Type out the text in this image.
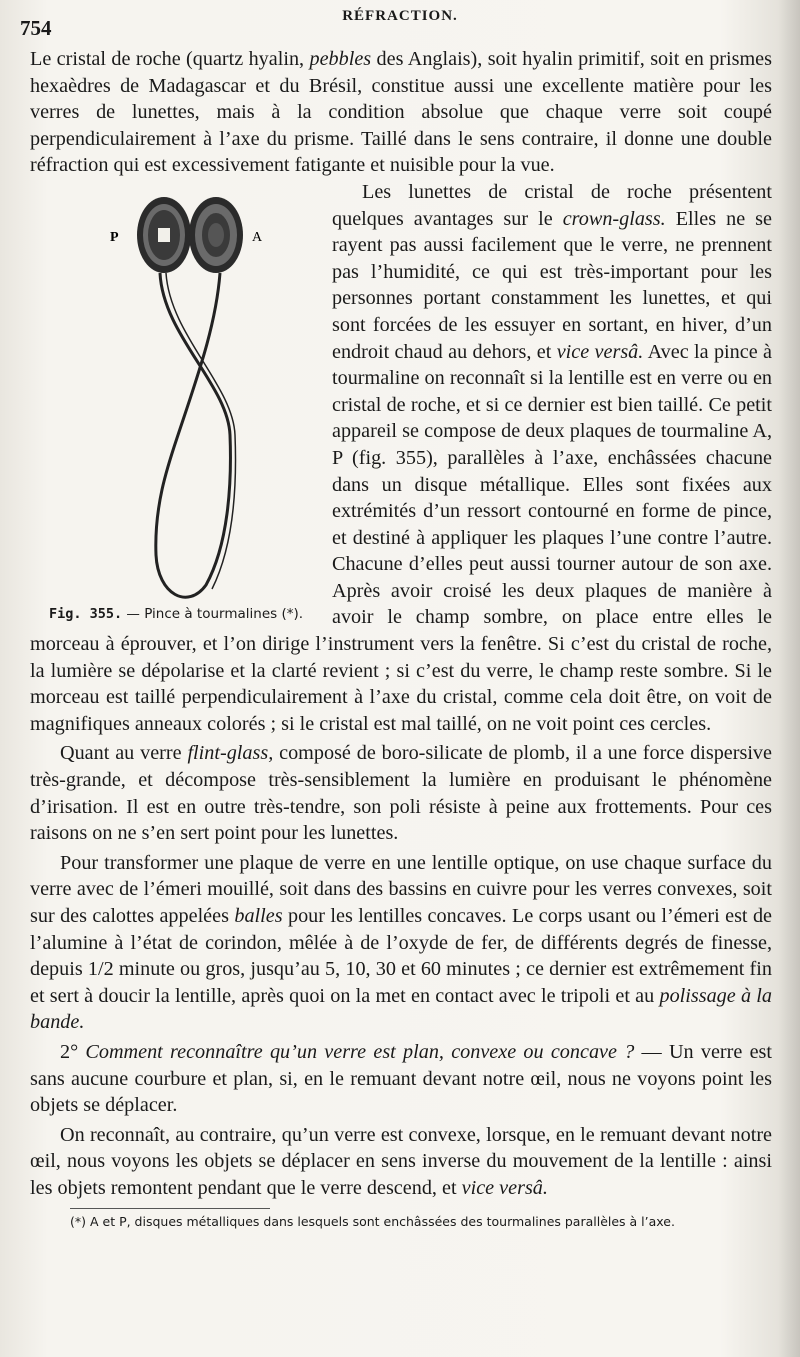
754	RÉFRACTION.

Le cristal de roche (quartz hyalin, pebbles des Anglais), soit hyalin primitif, soit en prismes hexaèdres de Madagascar et du Brésil, constitue aussi une excellente matière pour les verres de lunettes, mais à la condition absolue que chaque verre soit coupé perpendiculairement à l’axe du prisme. Taillé dans le sens contraire, il donne une double réfraction qui est excessivement fatigante et nuisible pour la vue.

P	A
Fig. 355. — Pince à tourmalines (*).

Les lunettes de cristal de roche présentent quelques avantages sur le crown-glass. Elles ne se rayent pas aussi facilement que le verre, ne prennent pas l’humidité, ce qui est très-important pour les personnes portant constamment les lunettes, et qui sont forcées de les essuyer en sortant, en hiver, d’un endroit chaud au dehors, et vice versâ. Avec la pince à tourmaline on reconnaît si la lentille est en verre ou en cristal de roche, et si ce dernier est bien taillé. Ce petit appareil se compose de deux plaques de tourmaline A, P (fig. 355), parallèles à l’axe, enchâssées chacune dans un disque métallique. Elles sont fixées aux extrémités d’un ressort contourné en forme de pince, et destiné à appliquer les plaques l’une contre l’autre. Chacune d’elles peut aussi tourner autour de son axe. Après avoir croisé les deux plaques de manière à avoir le champ sombre, on place entre elles le morceau à éprouver, et l’on dirige l’instrument vers la fenêtre. Si c’est du cristal de roche, la lumière se dépolarise et la clarté revient ; si c’est du verre, le champ reste sombre. Si le morceau est taillé perpendiculairement à l’axe du cristal, comme cela doit être, on voit de magnifiques anneaux colorés ; si le cristal est mal taillé, on ne voit point ces cercles.

Quant au verre flint-glass, composé de boro-silicate de plomb, il a une force dispersive très-grande, et décompose très-sensiblement la lumière en produisant le phénomène d’irisation. Il est en outre très-tendre, son poli résiste à peine aux frottements. Pour ces raisons on ne s’en sert point pour les lunettes.

Pour transformer une plaque de verre en une lentille optique, on use chaque surface du verre avec de l’émeri mouillé, soit dans des bassins en cuivre pour les verres convexes, soit sur des calottes appelées balles pour les lentilles concaves. Le corps usant ou l’émeri est de l’alumine à l’état de corindon, mêlée à de l’oxyde de fer, de différents degrés de finesse, depuis 1/2 minute ou gros, jusqu’au 5, 10, 30 et 60 minutes ; ce dernier est extrêmement fin et sert à doucir la lentille, après quoi on la met en contact avec le tripoli et au polissage à la bande.

2° Comment reconnaître qu’un verre est plan, convexe ou concave ? — Un verre est sans aucune courbure et plan, si, en le remuant devant notre œil, nous ne voyons point les objets se déplacer.

On reconnaît, au contraire, qu’un verre est convexe, lorsque, en le remuant devant notre œil, nous voyons les objets se déplacer en sens inverse du mouvement de la lentille : ainsi les objets remontent pendant que le verre descend, et vice versâ.

(*) A et P, disques métalliques dans lesquels sont enchâssées des tourmalines parallèles à l’axe.
